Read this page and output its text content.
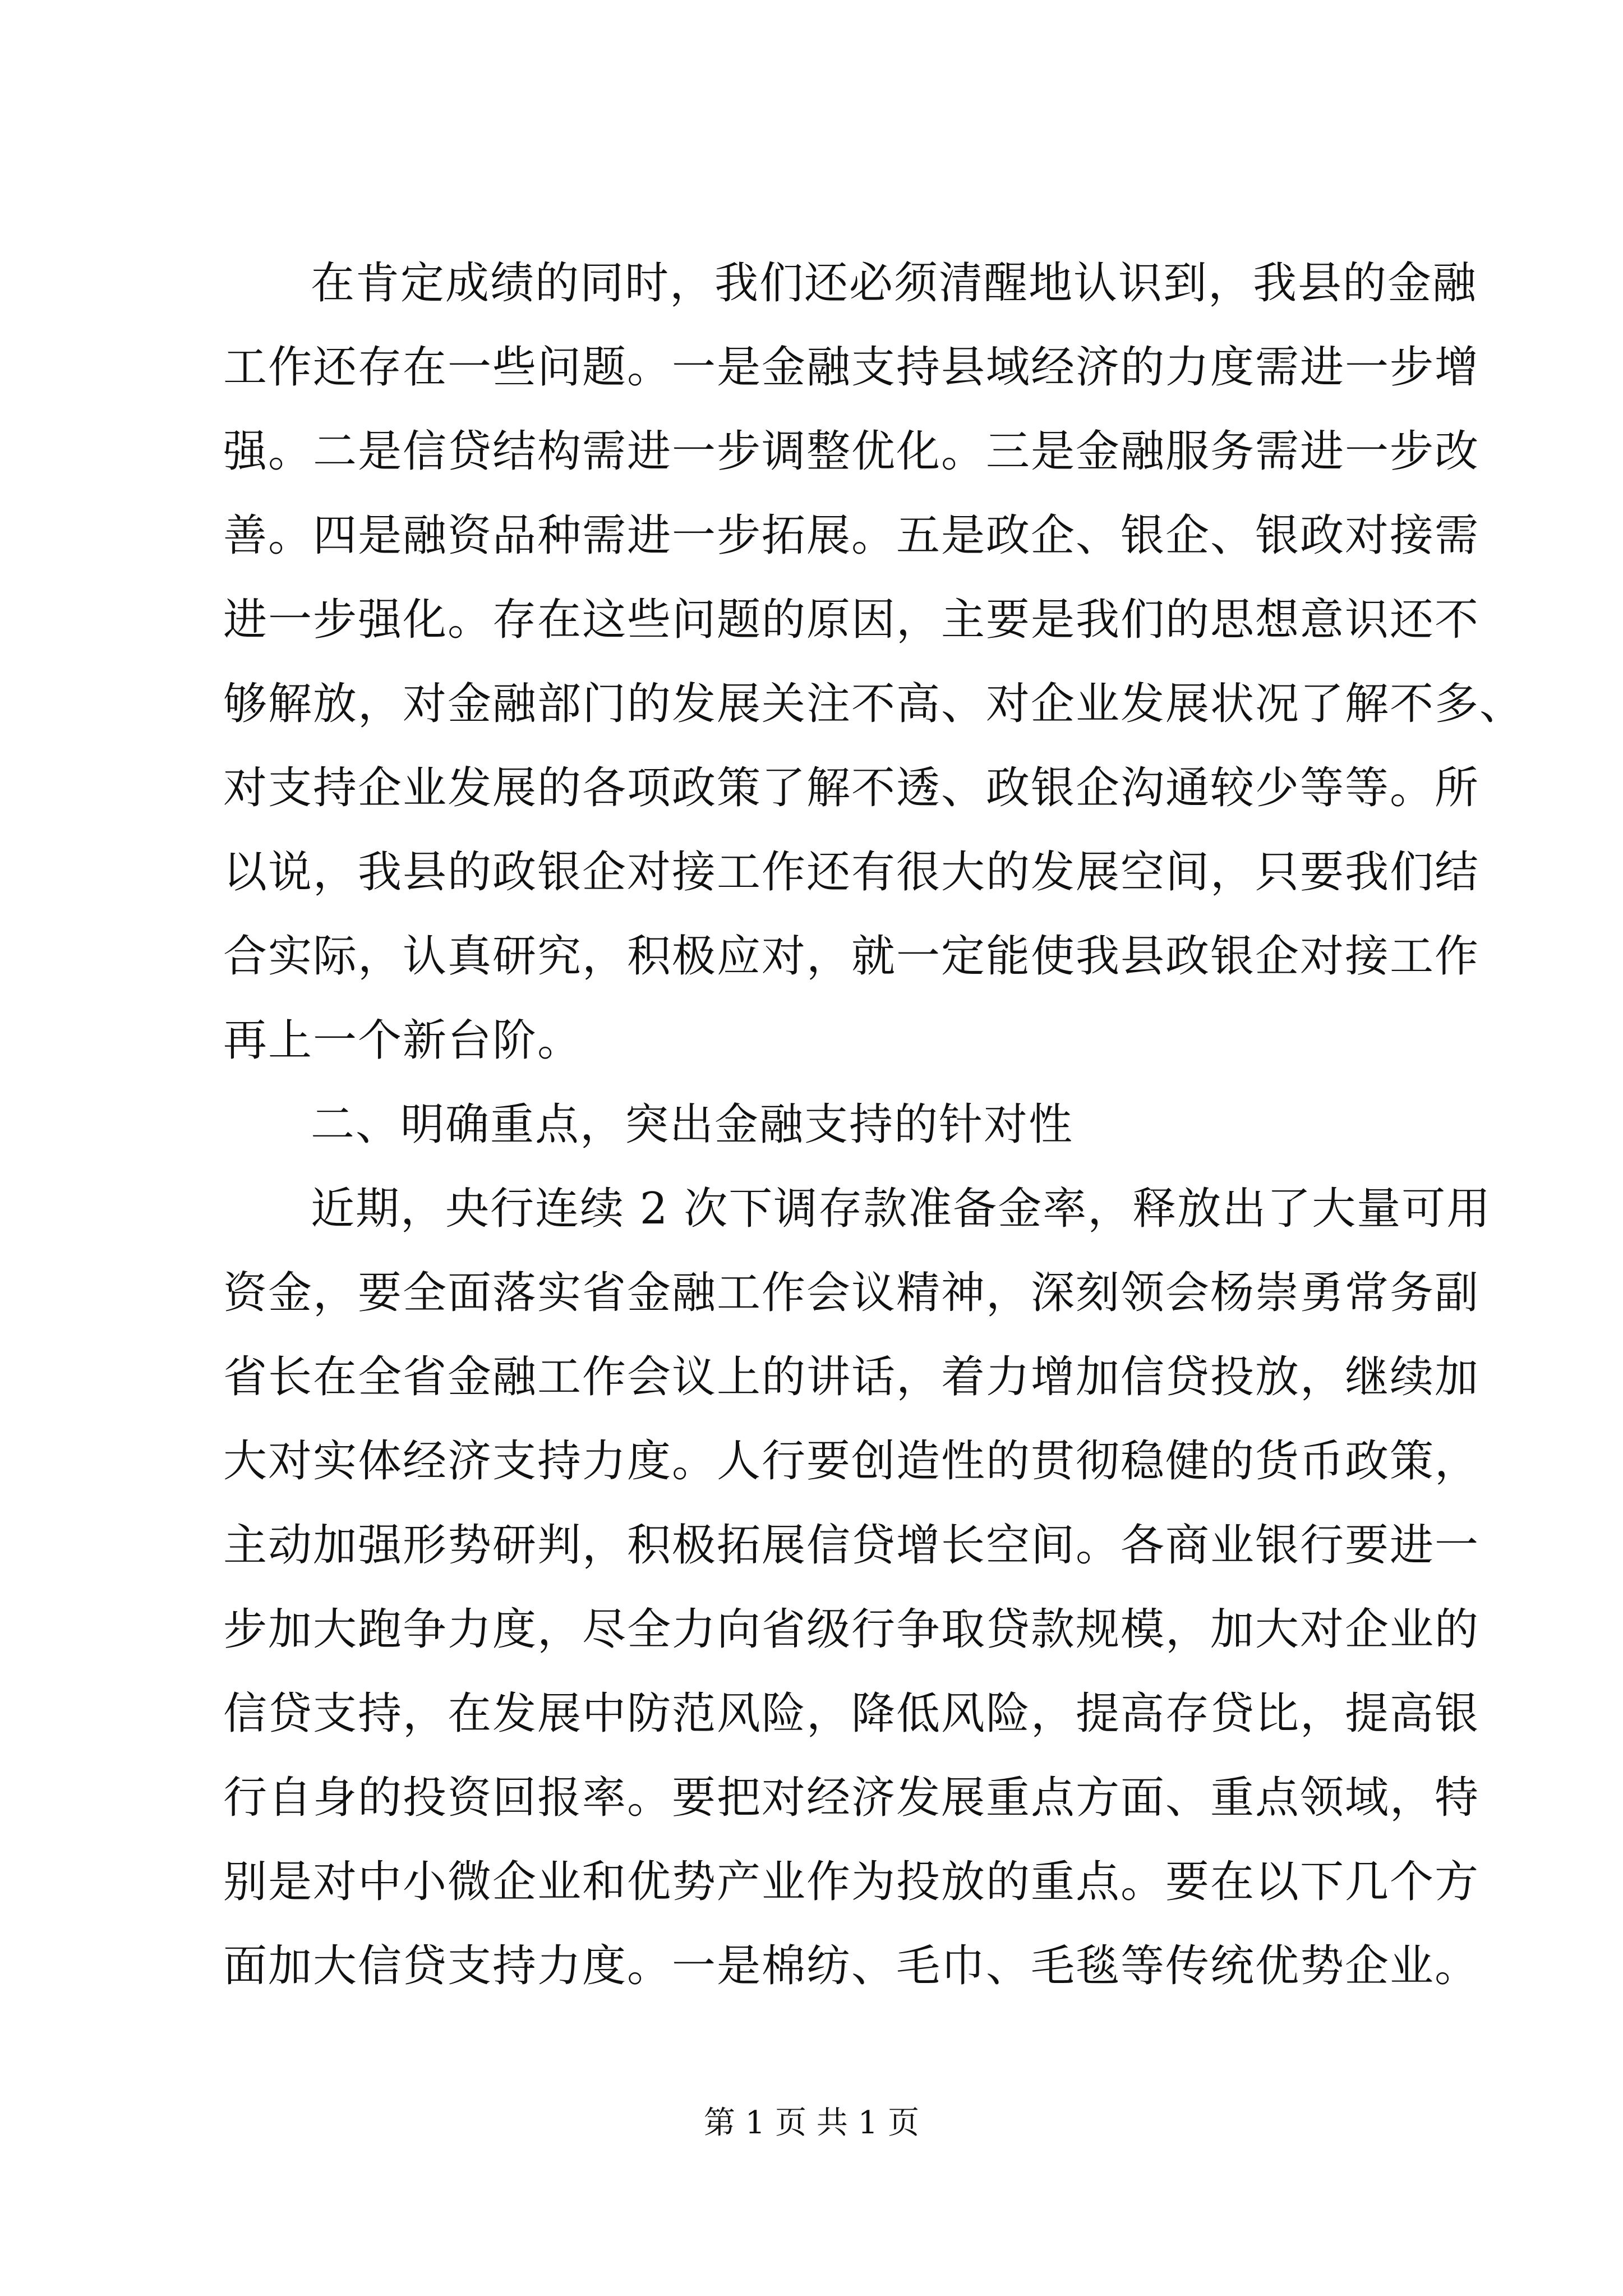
在肯定成绩的同时，我们还必须清醒地认识到，我县的金融
工作还存在一些问题。一是金融支持县域经济的力度需进一步增
强。二是信贷结构需进一步调整优化。三是金融服务需进一步改
善。四是融资品种需进一步拓展。五是政企、银企、银政对接需
进一步强化。存在这些问题的原因，主要是我们的思想意识还不
够解放，对金融部门的发展关注不高、对企业发展状况了解不多、
对支持企业发展的各项政策了解不透、政银企沟通较少等等。所
以说，我县的政银企对接工作还有很大的发展空间，只要我们结
合实际，认真研究，积极应对，就一定能使我县政银企对接工作
再上一个新台阶。
二、明确重点，突出金融支持的针对性
近期，央行连续 2 次下调存款准备金率，释放出了大量可用
资金，要全面落实省金融工作会议精神，深刻领会杨崇勇常务副
省长在全省金融工作会议上的讲话，着力增加信贷投放，继续加
大对实体经济支持力度。人行要创造性的贯彻稳健的货币政策，
主动加强形势研判，积极拓展信贷增长空间。各商业银行要进一
步加大跑争力度，尽全力向省级行争取贷款规模，加大对企业的
信贷支持，在发展中防范风险，降低风险，提高存贷比，提高银
行自身的投资回报率。要把对经济发展重点方面、重点领域，特
别是对中小微企业和优势产业作为投放的重点。要在以下几个方
面加大信贷支持力度。一是棉纺、毛巾、毛毯等传统优势企业。
第 1 页 共 1 页
